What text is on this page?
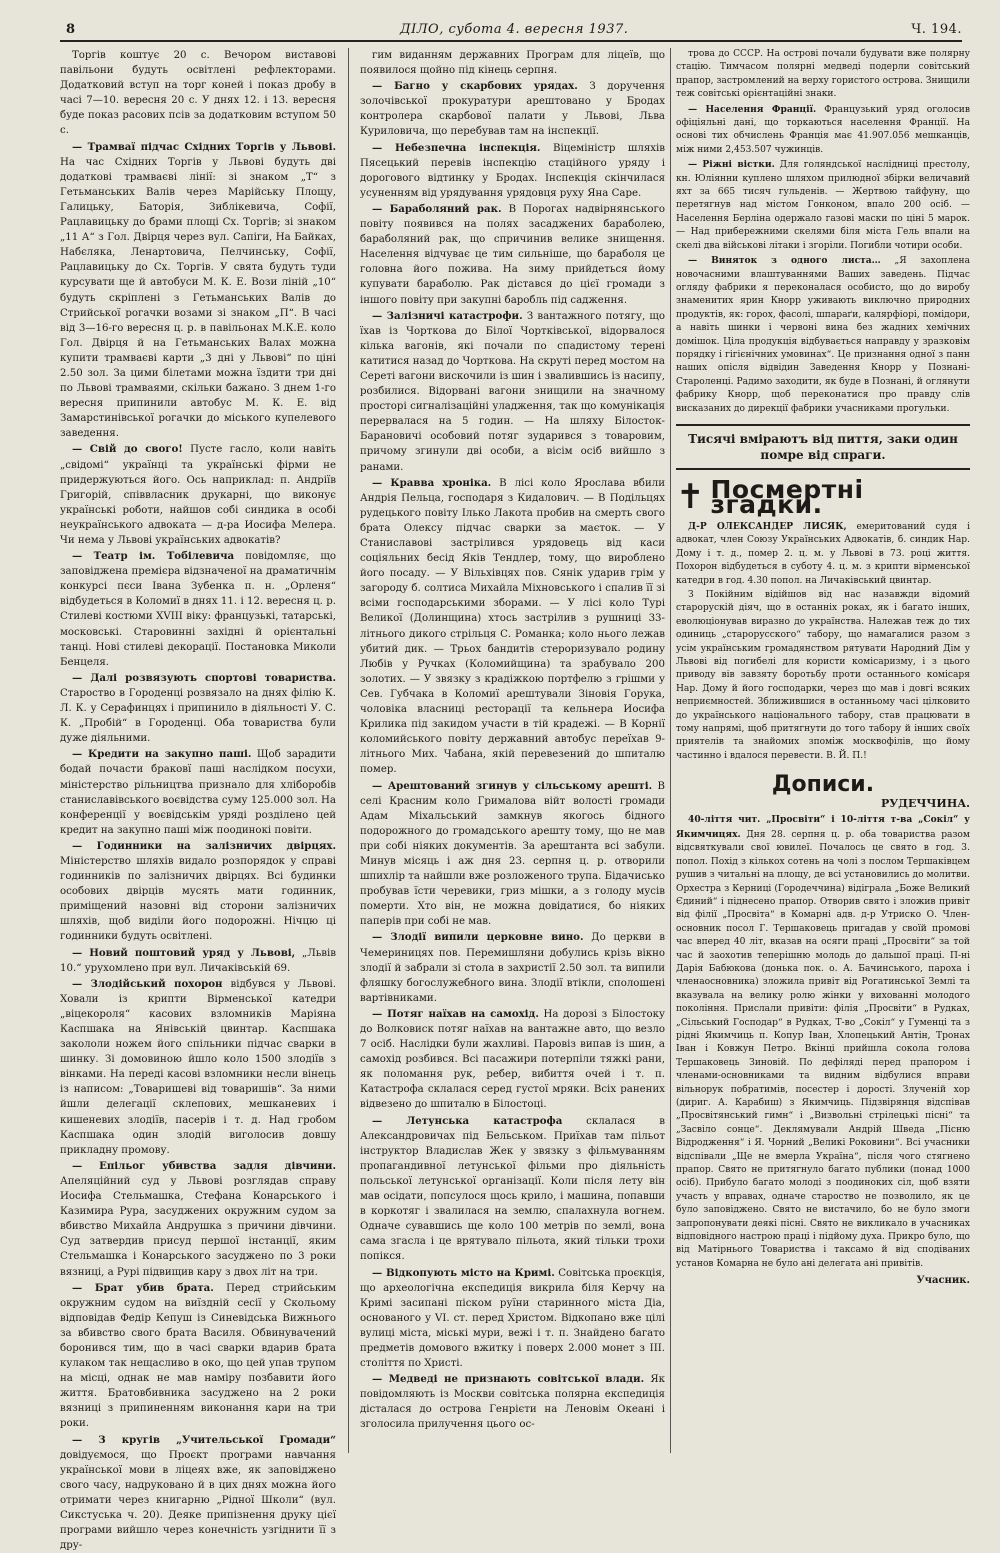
8	ДІЛО, субота 4. вересня 1937.	Ч. 194.

Торгів коштує 20 с. Вечором виставові павільони будуть освітлені рефлекторами. Додатковий вступ на торг коней і показ дробу в часі 7—10. вересня 20 с. У днях 12. і 13. вересня буде показ расових псів за додатковим вступом 50 с.

— Трамваї підчас Східних Торгів у Львові. На час Східних Торгів у Львові будуть дві додаткові трамваєві лінії: зі знаком „Т“ з Гетьманських Валів через Марійську Площу, Галицьку, Баторія, Зиблікевича, Софії, Рацлавицьку до брами площі Сх. Торгів; зі знаком „11 А“ з Гол. Двірця через вул. Сапіги, На Байках, Набєляка, Ленартовича, Пелчинську, Софії, Рацлавицьку до Сх. Торгів. У свята будуть туди курсувати ще й автобуси М. К. Е. Вози ліній „10“ будуть скріплені з Гетьманських Валів до Стрийської рогачки возами зі знаком „П“. В часі від 3—16-го вересня ц. р. в павільонах М.К.Е. коло Гол. Двірця й на Гетьманських Валах можна купити трамваєві карти „3 дні у Львові“ по ціні 2.50 зол. За цими білетами можна їздити три дні по Львові трамваями, скільки бажано. З днем 1-го вересня припинили автобус М. К. Е. від Замарстинівської рогачки до міського купелевого заведення.

— Свій до свого! Пусте гасло, коли навіть „свідомі“ українці та українські фірми не придержуються його. Ось наприклад: п. Андріїв Григорій, співвласник друкарні, що виконує українські роботи, найшов собі синдика в особі неукраїнського адвоката — д-ра Иосифа Мелера. Чи нема у Львові українських адвокатів?

— Театр ім. Тобілевича повідомляє, що заповіджена премієра відзначеної на драматичнім конкурсі пєси Івана Зубенка п. н. „Орленя“ відбудеться в Коломиї в днях 11. і 12. вересня ц. р. Стилеві костюми XVIII віку: французькі, татарські, московські. Старовинні західні й орієнтальні танці. Нові стилеві декорації. Постановка Миколи Бенцеля.

— Далі розвязують спортові товариства. Староство в Городенці розвязало на днях філію К. Л. К. у Серафинцях і припинило в діяльності У. С. К. „Пробій“ в Городенці. Оба товариства були дуже діяльними.

— Кредити на закупно паші. Щоб зарадити бодай почасти браковї паші наслідком посухи, міністерство рільництва признало для хліборобів станиславівського воєвідства суму 125.000 зол. На конференції у воєвідськім уряді розділено цей кредит на закупно паші між поодинокі повіти.

— Годинники на залізничих двірцях. Міністерство шляхів видало розпорядок у справі годинників по залізничих двірцях. Всі будинки особових двірців мусять мати годинник, приміщений назовні від сторони залізничих шляхів, щоб виділи його подорожні. Нічцю ці годинники будуть освітлені.

— Новий поштовий уряд у Львові, „Львів 10.“ урухомлено при вул. Личаківській 69.

— Злодійський похорон відбувся у Львові. Ховали із крипти Вірменської катедри „віцекороля“ касових взломників Маріяна Каспшака на Янівській цвинтар. Каспшака закололи ножем його спільники підчас сварки в шинку. Зі домовиною йшло коло 1500 злодіїв з вінками. На переді касові взломники несли вінець із написом: „Товаришеві від товаришів“. За ними йшли делегації склепових, мешканевих і кишеневих злодіїв, пасерів і т. д. Над гробом Каспшака один злодій виголосив довшу прикладну промову.

— Епільог убивства задля дівчини. Апеляційний суд у Львові розглядав справу Иосифа Стельмашка, Стефана Конарського і Казимира Рура, засуджених окружним судом за вбивство Михайла Андрушка з причини дівчини. Суд затвердив присуд першої інстанції, яким Стельмашка і Конарського засуджено по 3 роки вязниці, а Рурі підвищив кару з двох літ на три.

— Брат убив брата. Перед стрийським окружним судом на виїздній сесії у Скольому відповідав Федір Кепуш із Синевідська Вижнього за вбивство свого брата Василя. Обвинувачений боронився тим, що в часі сварки вдарив брата кулаком так нещасливо в око, що цей упав трупом на місці, однак не мав наміру позбавити його життя. Братовбивника засуджено на 2 роки вязниці з припиненням виконання кари на три роки.

— З кругів „Учительської Громади“ довідуємося, що Проєкт програми навчання української мови в ліцеях вже, як заповіджено свого часу, надруковано й в цих днях можна його отримати через книгарню „Рідної Школи“ (вул. Сикстуська ч. 20). Деяке припізнення друку цієї програми вийшло через конечність узгіднити її з дру-

гим виданням державних Програм для ліцеїв, що появилося щойно під кінець серпня.

— Багно у скарбових урядах. З доручення золочівської прокуратури арештовано у Бродах контролера скарбової палати у Львові, Льва Куриловича, що перебував там на інспекції.

— Небезпечна інспекція. Віцеміністр шляхів Пясецький перевів інспекцію стаційного уряду і дорогового відтинку у Бродах. Інспекція скінчилася усуненням від урядування урядовця руху Яна Саре.

— Бараболяний рак. В Порогах надвірнянського повіту появився на полях засаджених бараболею, бараболяний рак, що спричинив велике знищення. Населення відчуває це тим сильніше, що бараболя це головна його пожива. На зиму прийдеться йому купувати бараболю. Рак дістався до цієї громади з іншого повіту при закупні баробль під садження.

— Залізничі катастрофи. З вантажного потягу, що їхав із Чорткова до Білої Чортківської, відорвалося кілька вагонів, які почали по спадистому терені катитися назад до Чорткова. На скруті перед мостом на Сереті вагони вискочили із шин і звалившись із насипу, розбилися. Відорвані вагони знищили на значному просторі сигналізаційні уладження, так що комунікація перервалася на 5 годин. — На шляху Білосток-Барановичі особовий потяг зударився з товаровим, причому згинули дві особи, а вісім осіб вийшло з ранами.

— Кравва хроніка. В лісі коло Ярослава вбили Андрія Пельца, господаря з Кидалович. — В Подільцях рудецького повіту Ілько Лакота пробив на смерть свого брата Олексу підчас сварки за маєток. — У Станиславові застрілився урядовець від каси соціяльних бесід Яків Тендлер, тому, що вироблено його посаду. — У Вільхівцях пов. Сянік ударив грім у загороду б. солтиса Михайла Міхновського і спалив її зі всіми господарськими зборами. — У лісі коло Турі Великої (Долинщина) хтось застрілив з рушниці 33-літнього дикого стрільця С. Романка; коло нього лежав убитий дик. — Трьох бандитів стероризувало родину Любів у Ручках (Коломийщина) та зрабувало 200 золотих. — У звязку з крадіжкою портфелю з грішми у Сев. Губчака в Коломиї арештували Зіновія Горука, чоловіка власниці ресторації та кельнера Иосифа Крилика під закидом участи в тій крадежі. — В Корнії коломийського повіту державний автобус переїхав 9-літнього Мих. Чабана, якій перевезений до шпиталю помер.

— Арештований згинув у сільському арешті. В селі Красним коло Грималова війт волості громади Адам Міхальський замкнув якогось бідного подорожного до громадського арешту тому, що не мав при собі ніяких документів. За арештанта всі забули. Минув місяць і аж дня 23. серпня ц. р. отворили шпихлір та найшли вже розложеного трупа. Бідачисько пробував їсти черевики, гриз мішки, а з голоду мусів померти. Хто він, не можна довідатися, бо ніяких паперів при собі не мав.

— Злодії випили церковне вино. До церкви в Чемериницях пов. Перемишляни добулись крізь вікно злодії й забрали зі стола в захристії 2.50 зол. та випили фляшку богослужебного вина. Злодії втікли, сполошені вартівниками.

— Потяг наїхав на самохід. На дорозі з Білостоку до Волковиск потяг наїхав на вантажне авто, що везло 7 осіб. Наслідки були жахливі. Паровіз випав із шин, а самохід розбився. Всі пасажири потерпіли тяжкі рани, як поломання рук, ребер, вибиття очей і т. п. Катастрофа склалася серед густої мряки. Всіх ранених відвезено до шпиталю в Білостоці.

— Летунська катастрофа склалася в Александровичах під Бельськом. Приїхав там пільот інструктор Владислав Жек у звязку з фільмуванням пропагандивної летунської фільми про діяльність польської летунської організації. Коли після лету він мав осідати, попсулося щось крило, і машина, попавши в коркотяг і звалилася на землю, спалахнула вогнем. Одначе сувавшись ще коло 100 метрів по землі, вона сама згасла і це врятувало пільота, який тільки трохи попікся.

— Відкопують місто на Кримі. Совітська проєкція, що археологічна експедиція викрила біля Керчу на Кримі засипані піском руїни старинного міста Діа, основаного у VI. ст. перед Христом. Відкопано вже цілі вулиці міста, міські мури, вежі і т. п. Знайдено багато предметів домового вжитку і поверх 2.000 монет з III. століття по Христі.

— Медведі не признають совітської влади. Як повідомляють із Москви совітська полярна експедиція дісталася до острова Генрієти на Леновім Океані і зголосила прилучення цього ос-

трова до СССР. На острові почали будувати вже полярну стацію. Тимчасом полярні медведі подерли совітський прапор, застромлений на верху гористого острова. Знищили теж совітські орієнтаційні знаки.

— Населення Франції. Французький уряд оголосив офіціяльні дані, що торкаються населення Франції. На основі тих обчислень Франція має 41.907.056 мешканців, між ними 2,453.507 чужинців.

— Ріжні вістки. Для голяндської наслідниці престолу, кн. Юліянни куплено шляхом прилюдної збірки величавий яхт за 665 тисяч гульденів. — Жертвою тайфуну, що перетягнув над містом Гонконом, впало 200 осіб. — Населення Берліна одержало газові маски по ціні 5 марок. — Над прибережними скелями біля міста Гель впали на скелі два військові літаки і згоріли. Погибли чотири особи.

— Виняток з одного листа… „Я захоплена новочасними влаштуваннями Ваших заведень. Підчас огляду фабрики я переконалася особисто, що до виробу знаменитих ярин Кнорр уживають виключно природних продуктів, як: горох, фасолі, шпараґи, калярфіорі, помідори, а навіть шинки і червоні вина без жадних хемічних домішок. Ціла продукція відбувається направду у зразковім порядку і гігієнічних умовинах“. Це признання одної з панн наших опісля відвідин Заведення Кнорр у Познані-Староленці. Радимо заходити, як буде в Познані, й оглянути фабрику Кнорр, щоб переконатися про правду слів висказаних до дирекції фабрики учасниками прогульки.

Тисячі вміраютъ від пиття, заки один помре від спраги.
✝ Посмертні згадки.

Д-Р ОЛЕКСАНДЕР ЛИСЯК, емеритований судя і адвокат, член Союзу Українських Адвокатів, б. синдик Нар. Дому і т. д., помер 2. ц. м. у Львові в 73. році життя. Похорон відбудеться в суботу 4. ц. м. з крипти вірменської катедри в год. 4.30 попол. на Личаківський цвинтар.

З Покійним відійшов від нас назавжди відомий старорускій діяч, що в останніх роках, як і багато інших, еволюціонував виразно до українства. Належав теж до тих одиниць „старорусского“ табору, що намагалися разом з усім українським громадянством рятувати Народний Дім у Львові від погибелі для користи комісаризму, і з цього приводу вів завзяту боротьбу проти останнього комісаря Нар. Дому й його господарки, через що мав і довгі всяких неприємностей. Зближившися в останньому часі цілковито до українського національного табору, став працювати в тому напрямі, щоб притягнути до того табору й інших своїх приятелів та знайомих зпоміж москвофілів, що йому частинно і вдалося перевести. В. Й. П.!

Дописи.
РУДЕЧЧИНА.

40-ліття чит. „Просвіти“ і 10-ліття т-ва „Сокіл“ у Якимчицях. Дня 28. серпня ц. р. оба товариства разом відсвяткували свої ювилеї. Почалось це свято в год. 3. попол. Похід з кількох сотень на чолі з послом Тершаківцем рушив з читальні на площу, де всі установились до молитви. Орхестра з Керниці (Городеччина) відіграла „Боже Великий Єдиний“ і піднесено прапор. Отворив свято і зложив привіт від філії „Просвіта“ в Комарні адв. д-р Утриско О. Член-основник посол Г. Тершаковець пригадав у своїй промові час вперед 40 літ, вказав на осяги праці „Просвіти“ за той час й заохотив теперішню молодь до дальшої праці. П-ні Дарія Бабюкова (донька пок. о. А. Бачинського, пароха і членаосновника) зложила привіт від Рогатинської Землі та вказувала на велику ролю жінки у вихованні молодого покоління. Прислали привіти: філія „Просвіти“ в Рудках, „Сільський Господар“ в Рудках, Т-во „Сокіл“ у Гуменці та з рідні Якимчиць п. Копур Іван, Хлопецький Антін, Тронах Іван і Ковжун Петро. Вкінці прийшла сокола голова Тершаковець Зиновій. По дефіляді перед прапором і членами-основниками та видним відбулися вправи вільнорук побратимів, посестер і дорості. Злученій хор (дириг. А. Карабиш) з Якимчиць. Підзвірянця відспівав „Просвітянський гимн“ і „Визвольні стрілецькі пісні“ та „Засвіло сонце“. Деклямували Андрій Шведа „Пісню Відродження“ і Я. Чорний „Великі Роковини“. Всі учасники відспівали „Ще не вмерла Україна“, після чого стягнено прапор. Свято не притягнуло багато публики (понад 1000 осіб). Прибуло багато молоді з поодиноких сіл, щоб взяти участь у вправах, одначе староство не позволило, як це було заповіджено. Свято не вистачило, бо не було змоги запропонувати деякі пісні. Свято не викликало в учасниках відповідного настрою праці і підйому духа. Прикро було, що від Матірнього Товариства і таксамо й від сподіваних установ Комарна не було ані делегата ані привітів.

Учасник.
